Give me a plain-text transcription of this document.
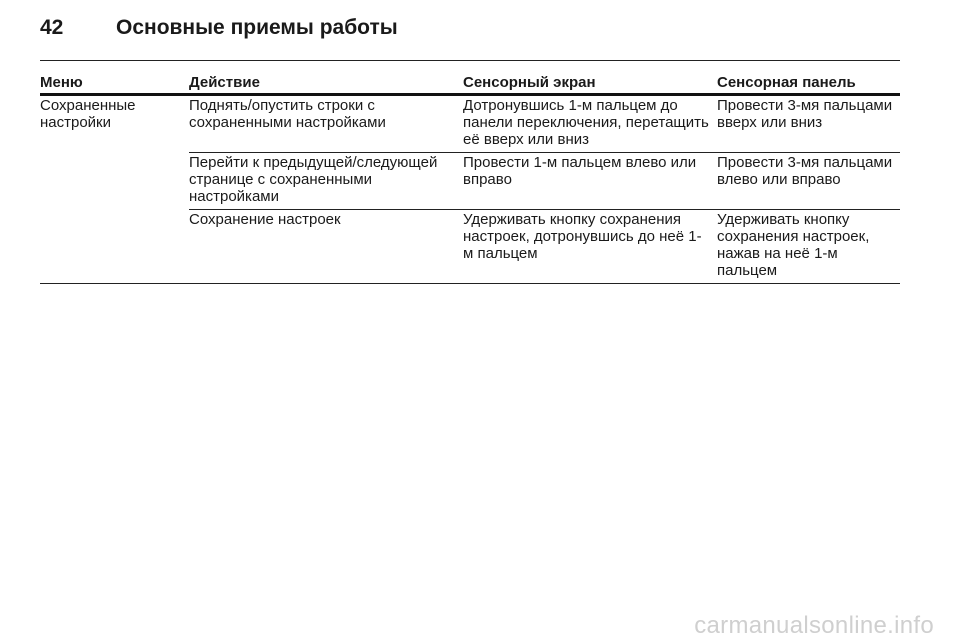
42	Основные приемы работы
Меню	Действие	Сенсорный экран	Сенсорная панель
Сохраненные настройки	Поднять/опустить строки с сохраненными настройками	Дотронувшись 1-м пальцем до панели переключения, перетащить её вверх или вниз	Провести 3-мя пальцами вверх или вниз
	Перейти к предыдущей/следующей странице с сохраненными настройками	Провести 1-м пальцем влево или вправо	Провести 3-мя пальцами влево или вправо
	Сохранение настроек	Удерживать кнопку сохранения настроек, дотронувшись до неё 1-м пальцем	Удерживать кнопку сохранения настроек, нажав на неё 1-м пальцем
carmanualsonline.info
